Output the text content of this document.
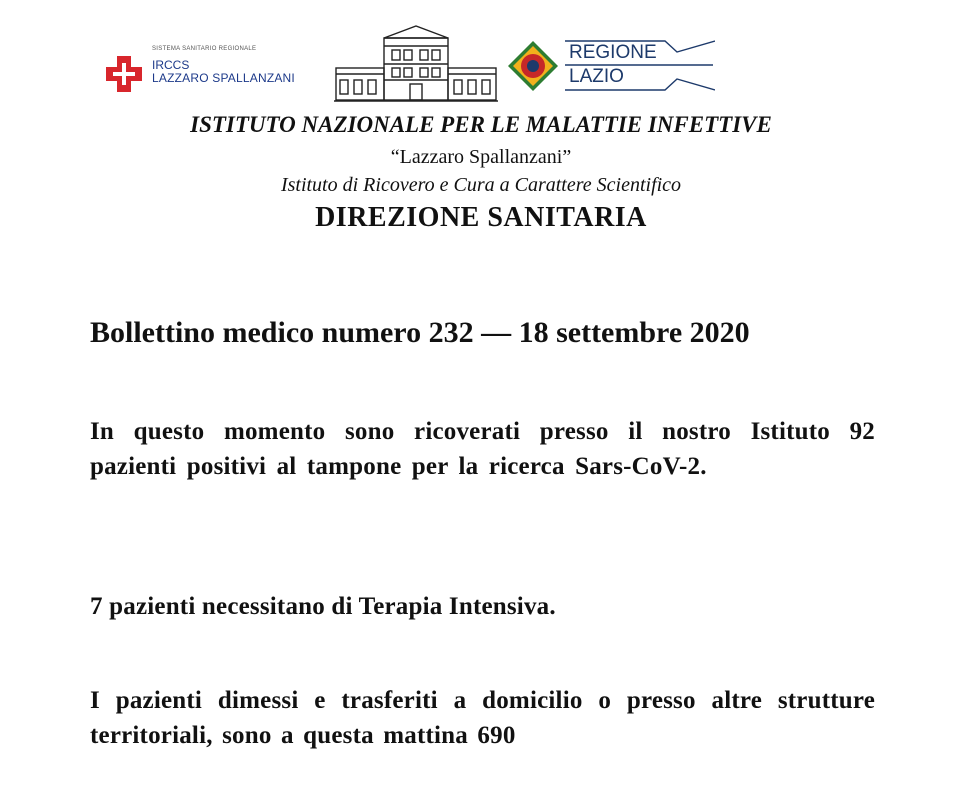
SISTEMA SANITARIO REGIONALE
IRCCS
LAZZARO SPALLANZANI
REGIONE
LAZIO
ISTITUTO NAZIONALE PER LE MALATTIE INFETTIVE
“Lazzaro Spallanzani”
Istituto di Ricovero e Cura a Carattere Scientifico
DIREZIONE SANITARIA
Bollettino medico numero 232 — 18 settembre 2020
In questo momento sono ricoverati presso il nostro Istituto 92 pazienti positivi al tampone per la ricerca Sars-CoV-2.
7 pazienti necessitano di Terapia Intensiva.
I pazienti dimessi e trasferiti a domicilio o presso altre strutture territoriali, sono a questa mattina 690
